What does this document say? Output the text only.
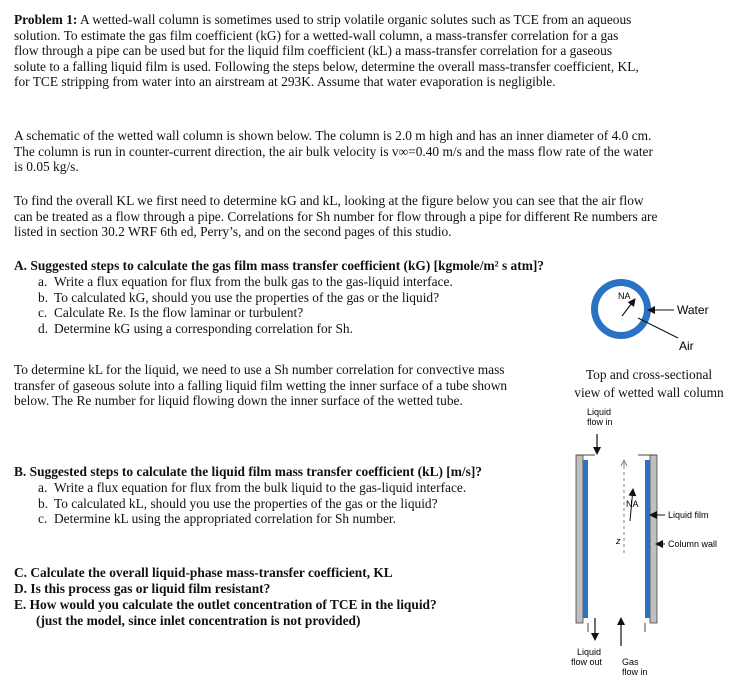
Problem 1: A wetted-wall column is sometimes used to strip volatile organic solutes such as TCE from an aqueous solution. To estimate the gas film coefficient (kG) for a wetted-wall column, a mass-transfer correlation for a gas flow through a pipe can be used but for the liquid film coefficient (kL) a mass-transfer correlation for a gaseous solute to a falling liquid film is used. Following the steps below, determine the overall mass-transfer coefficient, KL, for TCE stripping from water into an airstream at 293K. Assume that water evaporation is negligible.

A schematic of the wetted wall column is shown below. The column is 2.0 m high and has an inner diameter of 4.0 cm. The column is run in counter-current direction, the air bulk velocity is v∞=0.40 m/s and the mass flow rate of the water is 0.05 kg/s.

To find the overall KL we first need to determine kG and kL, looking at the figure below you can see that the air flow can be treated as a flow through a pipe. Correlations for Sh number for flow through a pipe for different Re numbers are listed in section 30.2 WRF 6th ed, Perry’s, and on the second pages of this studio.

A. Suggested steps to calculate the gas film mass transfer coefficient (kG) [kgmole/m² s atm]?

a. Write a flux equation for flux from the bulk gas to the gas-liquid interface.
b. To calculated kG, should you use the properties of the gas or the liquid?
c. Calculate Re. Is the flow laminar or turbulent?
d. Determine kG using a corresponding correlation for Sh.

To determine kL for the liquid, we need to use a Sh number correlation for convective mass transfer of gaseous solute into a falling liquid film wetting the inner surface of a tube shown below. The Re number for liquid flowing down the inner surface of the wetted tube.

B. Suggested steps to calculate the liquid film mass transfer coefficient (kL) [m/s]?

a. Write a flux equation for flux from the bulk liquid to the gas-liquid interface.
b. To calculated kL, should you use the properties of the gas or the liquid?
c. Determine kL using the appropriated correlation for Sh number.

C. Calculate the overall liquid-phase mass-transfer coefficient, KL

D. Is this process gas or liquid film resistant?

E. How would you calculate the outlet concentration of TCE in the liquid?

(just the model, since inlet concentration is not provided)

NA
Water
Air
Top and cross-sectional
view of wetted wall column
Liquid
flow in
NA
z
Liquid film
Column wall
Liquid
flow out Gas
flow in
